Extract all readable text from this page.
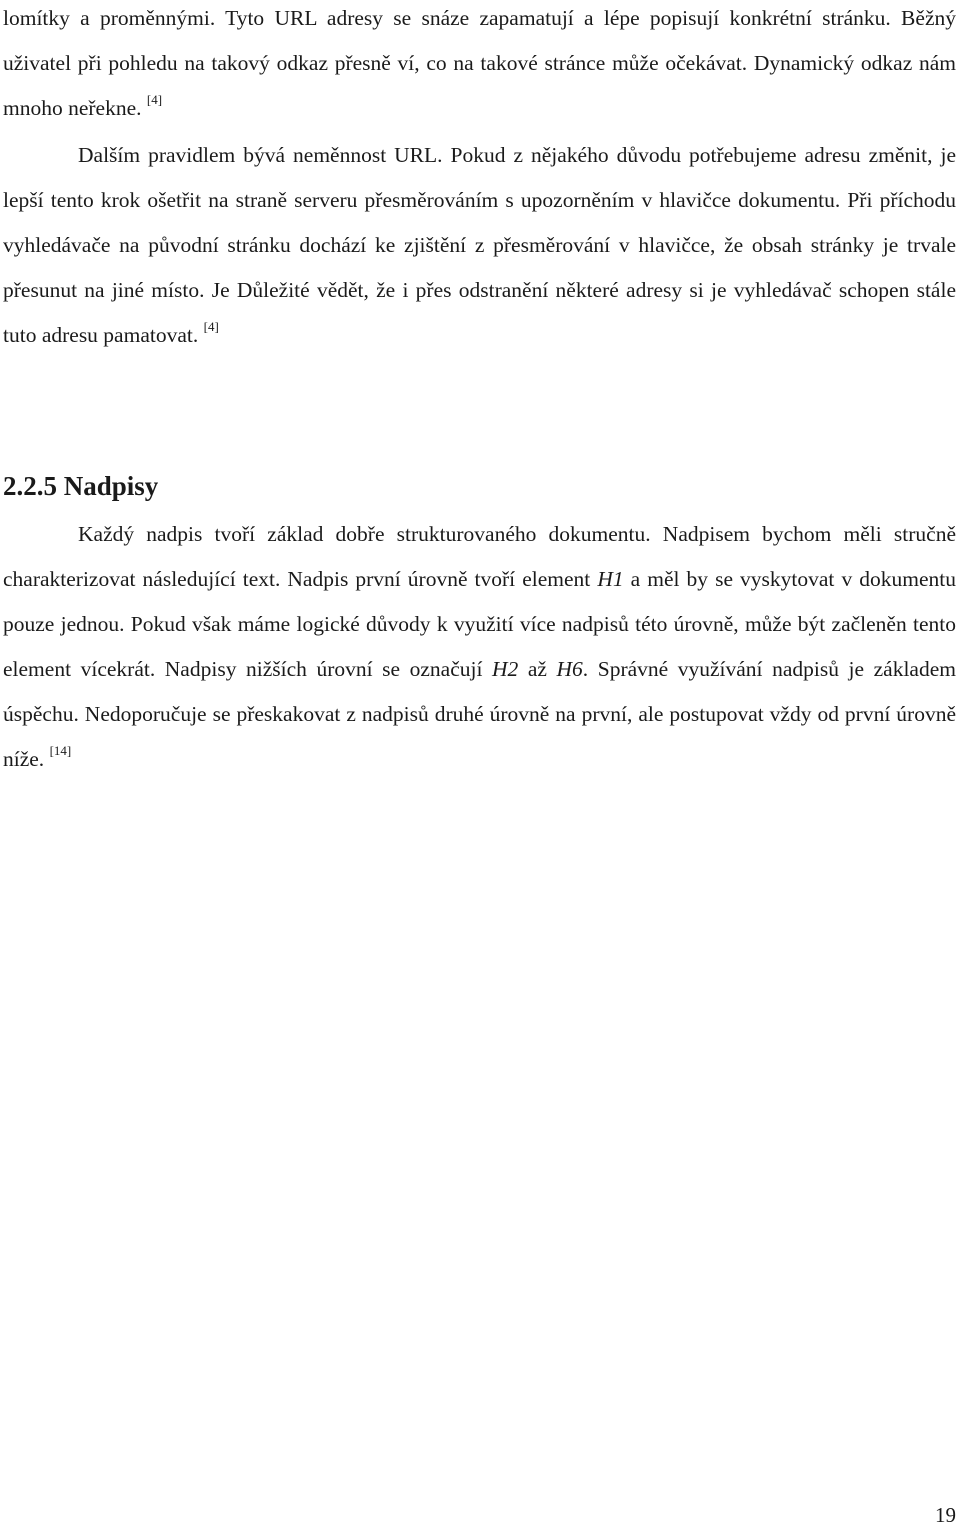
lomítky a proměnnými. Tyto URL adresy se snáze zapamatují a lépe popisují konkrétní stránku. Běžný uživatel při pohledu na takový odkaz přesně ví, co na takové stránce může očekávat. Dynamický odkaz nám mnoho neřekne. [4]

Dalším pravidlem bývá neměnnost URL. Pokud z nějakého důvodu potřebujeme adresu změnit, je lepší tento krok ošetřit na straně serveru přesměrováním s upozorněním v hlavičce dokumentu. Při příchodu vyhledávače na původní stránku dochází ke zjištění z přesměrování v hlavičce, že obsah stránky je trvale přesunut na jiné místo. Je Důležité vědět, že i přes odstranění některé adresy si je vyhledávač schopen stále tuto adresu pamatovat. [4]

2.2.5 Nadpisy

Každý nadpis tvoří základ dobře strukturovaného dokumentu. Nadpisem bychom měli stručně charakterizovat následující text. Nadpis první úrovně tvoří element H1 a měl by se vyskytovat v dokumentu pouze jednou. Pokud však máme logické důvody k využití více nadpisů této úrovně, může být začleněn tento element vícekrát. Nadpisy nižších úrovní se označují H2 až H6. Správné využívání nadpisů je základem úspěchu. Nedoporučuje se přeskakovat z nadpisů druhé úrovně na první, ale postupovat vždy od první úrovně níže. [14]

19
